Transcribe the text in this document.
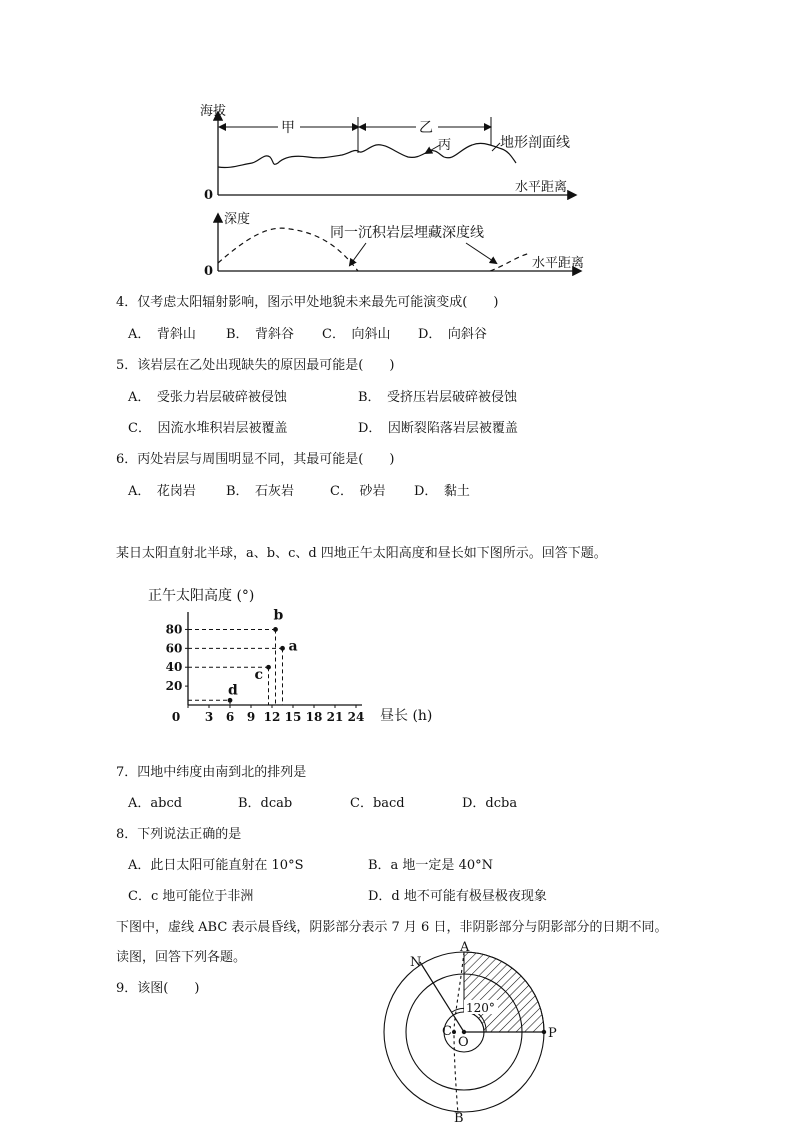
海拔
0
水平距离
甲	乙
丙	地形剖面线
深度
0
水平距离
同一沉积岩层埋藏深度线
4．仅考虑太阳辐射影响，图示甲处地貌未来最先可能演变成(　　)
A．　背斜山 B．　背斜谷 C．　向斜山 D．　向斜谷
5．该岩层在乙处出现缺失的原因最可能是(　　)
A．　受张力岩层破碎被侵蚀	B．　受挤压岩层破碎被侵蚀
C．　因流水堆积岩层被覆盖	D．　因断裂陷落岩层被覆盖
6．丙处岩层与周围明显不同，其最可能是(　　)
A．　花岗岩 B．　石灰岩	C．　砂岩 D．　黏土
某日太阳直射北半球，a、b、c、d 四地正午太阳高度和昼长如下图所示。回答下题。
正午太阳高度 (°)
昼长 (h)
a
b
c
d
20
40
60
80
0 3 6 9 12 15 18 21 24
7．四地中纬度由南到北的排列是
A．abcd	B．dcab	C．bacd	D．dcba
8．下列说法正确的是
A．此日太阳可能直射在 10°S	B．a 地一定是 40°N
C．c 地可能位于非洲	D．d 地不可能有极昼极夜现象
下图中，虚线 ABC 表示晨昏线，阴影部分表示 7 月 6 日，非阴影部分与阴影部分的日期不同。
读图，回答下列各题。
9．该图(　　)
120°
A
N
P
C
O
B
